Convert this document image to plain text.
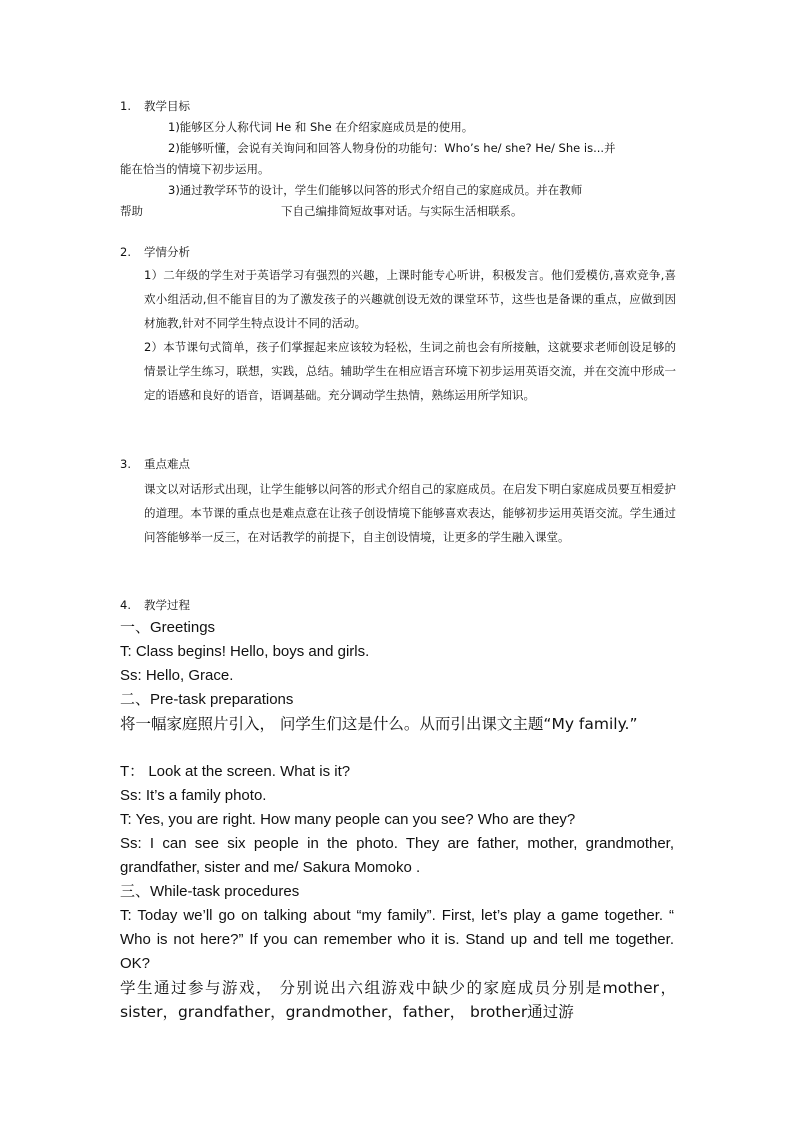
1. 教学目标
1)能够区分人称代词 He 和 She 在介绍家庭成员是的使用。
2)能够听懂，会说有关询问和回答人物身份的功能句：Who’s he/ she? He/ She is...并
能在恰当的情境下初步运用。
3)通过教学环节的设计，学生们能够以问答的形式介绍自己的家庭成员。并在教师
帮助	下自己编排简短故事对话。与实际生活相联系。
2. 学情分析
1）二年级的学生对于英语学习有强烈的兴趣，上课时能专心听讲，积极发言。他们爱模仿,喜欢竞争,喜欢小组活动,但不能盲目的为了激发孩子的兴趣就创设无效的课堂环节，这些也是备课的重点，应做到因材施教,针对不同学生特点设计不同的活动。
2）本节课句式简单，孩子们掌握起来应该较为轻松，生词之前也会有所接触，这就要求老师创设足够的情景让学生练习，联想，实践，总结。辅助学生在相应语言环境下初步运用英语交流，并在交流中形成一定的语感和良好的语音，语调基础。充分调动学生热情，熟练运用所学知识。
3. 重点难点
课文以对话形式出现，让学生能够以问答的形式介绍自己的家庭成员。在启发下明白家庭成员要互相爱护的道理。本节课的重点也是难点意在让孩子创设情境下能够喜欢表达，能够初步运用英语交流。学生通过问答能够举一反三，在对话教学的前提下，自主创设情境，让更多的学生融入课堂。
4. 教学过程
一、Greetings
T: Class begins! Hello, boys and girls.
Ss: Hello, Grace.
二、Pre-task preparations
将一幅家庭照片引入， 问学生们这是什么。从而引出课文主题“My family.”
T： Look at the screen. What is it?
Ss: It’s a family photo.
T: Yes, you are right. How many people can you see? Who are they?
Ss: I can see six people in the photo. They are father, mother, grandmother, grandfather, sister and me/ Sakura Momoko .
三、While-task procedures
T: Today we’ll go on talking about “my family”. First, let’s play a game together. “ Who is not here?” If you can remember who it is. Stand up and tell me together. OK?
学生通过参与游戏， 分别说出六组游戏中缺少的家庭成员分别是mother，sister，grandfather，grandmother，father， brother通过游
